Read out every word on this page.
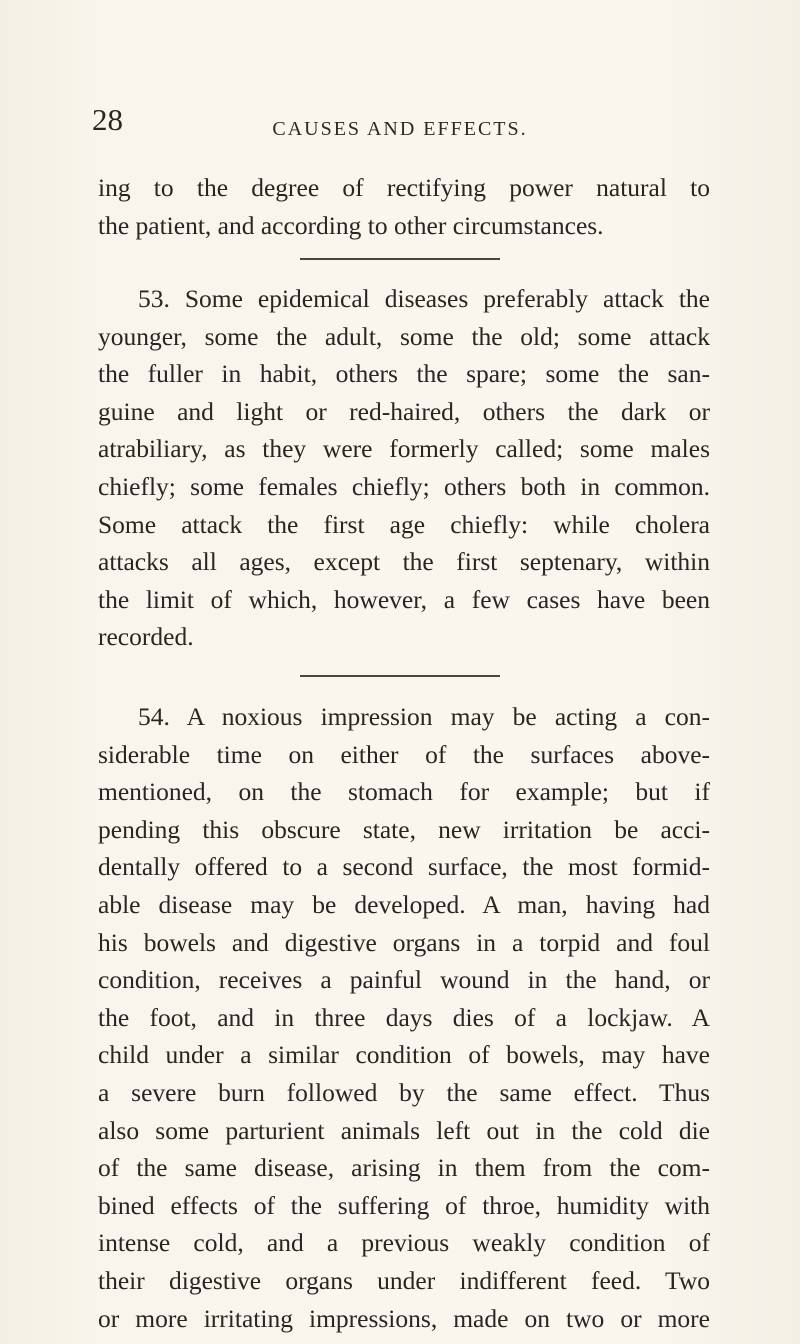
28	CAUSES AND EFFECTS.
ing to the degree of rectifying power natural to
the patient, and according to other circumstances.
53. Some epidemical diseases preferably attack the
younger, some the adult, some the old; some attack
the fuller in habit, others the spare; some the san-
guine and light or red-haired, others the dark or
atrabiliary, as they were formerly called; some males
chiefly; some females chiefly; others both in common.
Some attack the first age chiefly: while cholera
attacks all ages, except the first septenary, within
the limit of which, however, a few cases have been
recorded.
54. A noxious impression may be acting a con-
siderable time on either of the surfaces above-
mentioned, on the stomach for example; but if
pending this obscure state, new irritation be acci-
dentally offered to a second surface, the most formid-
able disease may be developed. A man, having had
his bowels and digestive organs in a torpid and foul
condition, receives a painful wound in the hand, or
the foot, and in three days dies of a lockjaw. A
child under a similar condition of bowels, may have
a severe burn followed by the same effect. Thus
also some parturient animals left out in the cold die
of the same disease, arising in them from the com-
bined effects of the suffering of throe, humidity with
intense cold, and a previous weakly condition of
their digestive organs under indifferent feed. Two
or more irritating impressions, made on two or more
